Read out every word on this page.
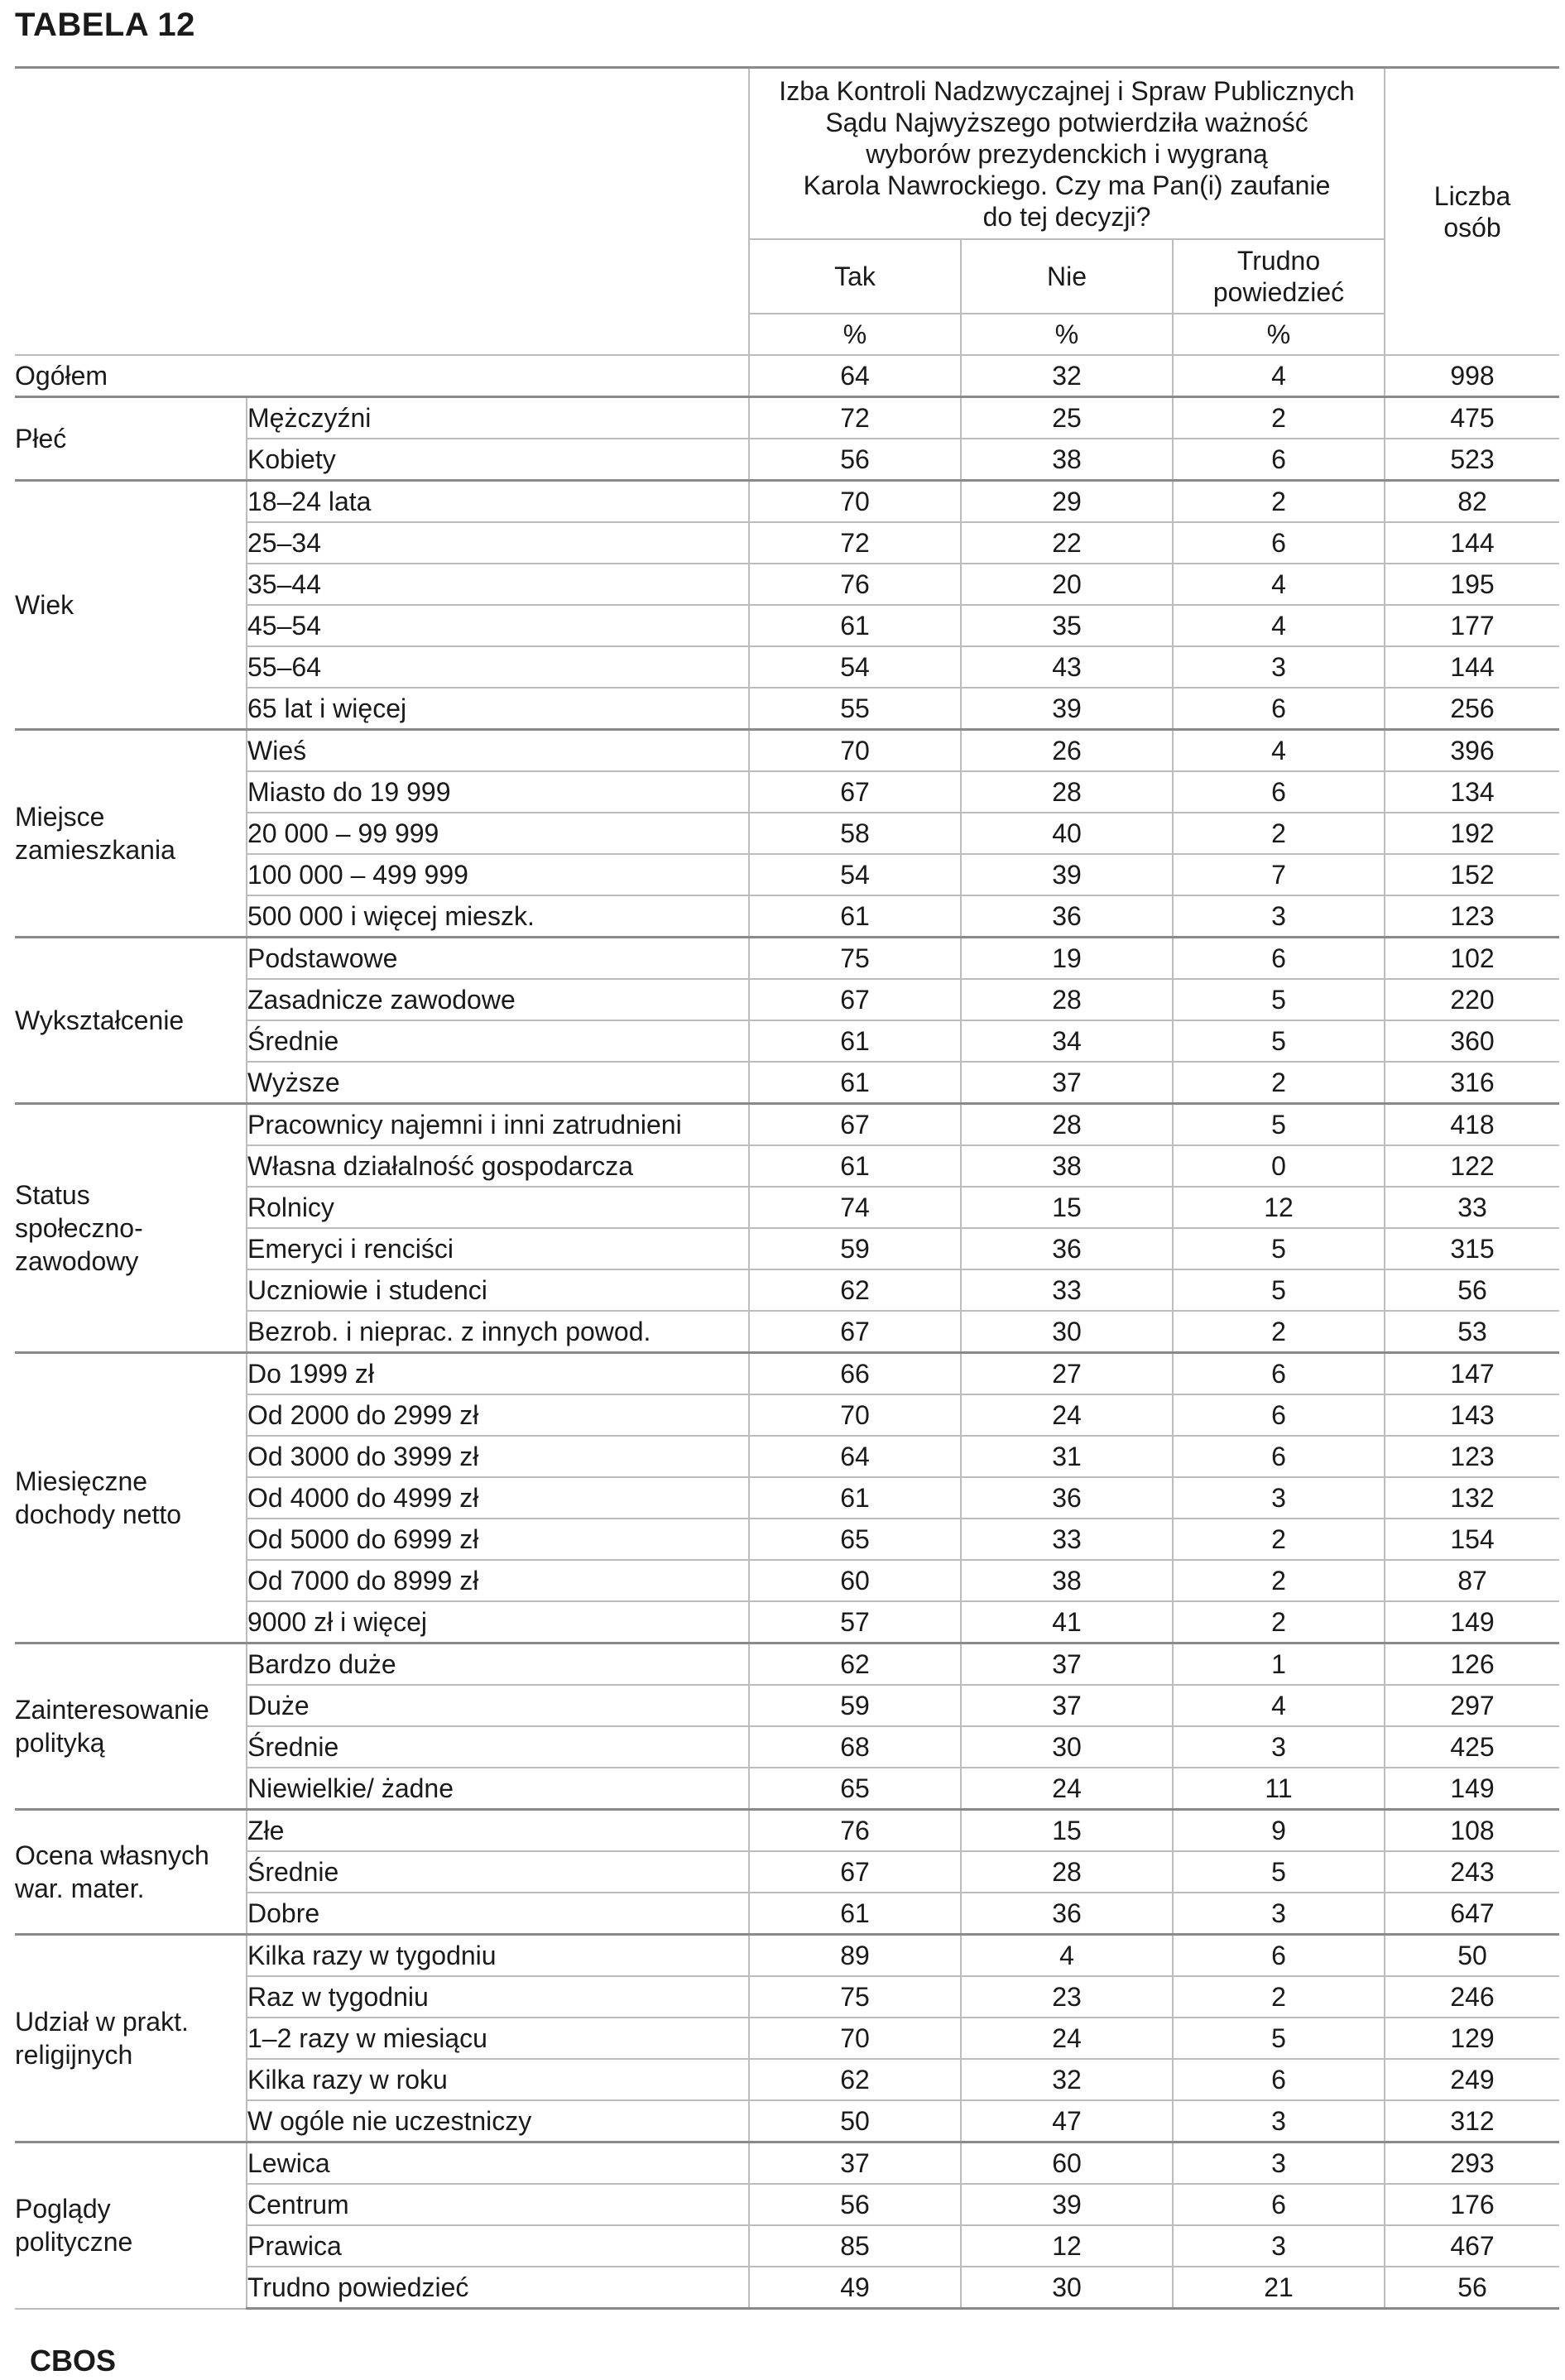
TABELA 12
		Izba Kontroli Nadzwyczajnej i Spraw Publicznych
Sądu Najwyższego potwierdziła ważność
wyborów prezydenckich i wygraną
Karola Nawrockiego. Czy ma Pan(i) zaufanie
do tej decyzji?			Liczba
osób
		Tak	Nie	Trudno
powiedzieć	
		%	%	%	
Ogółem		64	32	4	998
Płeć	Mężczyźni	72	25	2	475
	Kobiety	56	38	6	523
Wiek	18–24 lata	70	29	2	82
	25–34	72	22	6	144
	35–44	76	20	4	195
	45–54	61	35	4	177
	55–64	54	43	3	144
	65 lat i więcej	55	39	6	256
Miejsce
zamieszkania	Wieś	70	26	4	396
	Miasto do 19 999	67	28	6	134
	20 000 – 99 999	58	40	2	192
	100 000 – 499 999	54	39	7	152
	500 000 i więcej mieszk.	61	36	3	123
Wykształcenie	Podstawowe	75	19	6	102
	Zasadnicze zawodowe	67	28	5	220
	Średnie	61	34	5	360
	Wyższe	61	37	2	316
Status
społeczno-
zawodowy	Pracownicy najemni i inni zatrudnieni	67	28	5	418
	Własna działalność gospodarcza	61	38	0	122
	Rolnicy	74	15	12	33
	Emeryci i renciści	59	36	5	315
	Uczniowie i studenci	62	33	5	56
	Bezrob. i nieprac. z innych powod.	67	30	2	53
Miesięczne
dochody netto	Do 1999 zł	66	27	6	147
	Od 2000 do 2999 zł	70	24	6	143
	Od 3000 do 3999 zł	64	31	6	123
	Od 4000 do 4999 zł	61	36	3	132
	Od 5000 do 6999 zł	65	33	2	154
	Od 7000 do 8999 zł	60	38	2	87
	9000 zł i więcej	57	41	2	149
Zainteresowanie
polityką	Bardzo duże	62	37	1	126
	Duże	59	37	4	297
	Średnie	68	30	3	425
	Niewielkie/ żadne	65	24	11	149
Ocena własnych
war. mater.	Złe	76	15	9	108
	Średnie	67	28	5	243
	Dobre	61	36	3	647
Udział w prakt.
religijnych	Kilka razy w tygodniu	89	4	6	50
	Raz w tygodniu	75	23	2	246
	1–2 razy w miesiącu	70	24	5	129
	Kilka razy w roku	62	32	6	249
	W ogóle nie uczestniczy	50	47	3	312
Poglądy
polityczne	Lewica	37	60	3	293
	Centrum	56	39	6	176
	Prawica	85	12	3	467
	Trudno powiedzieć	49	30	21	56
CBOS
